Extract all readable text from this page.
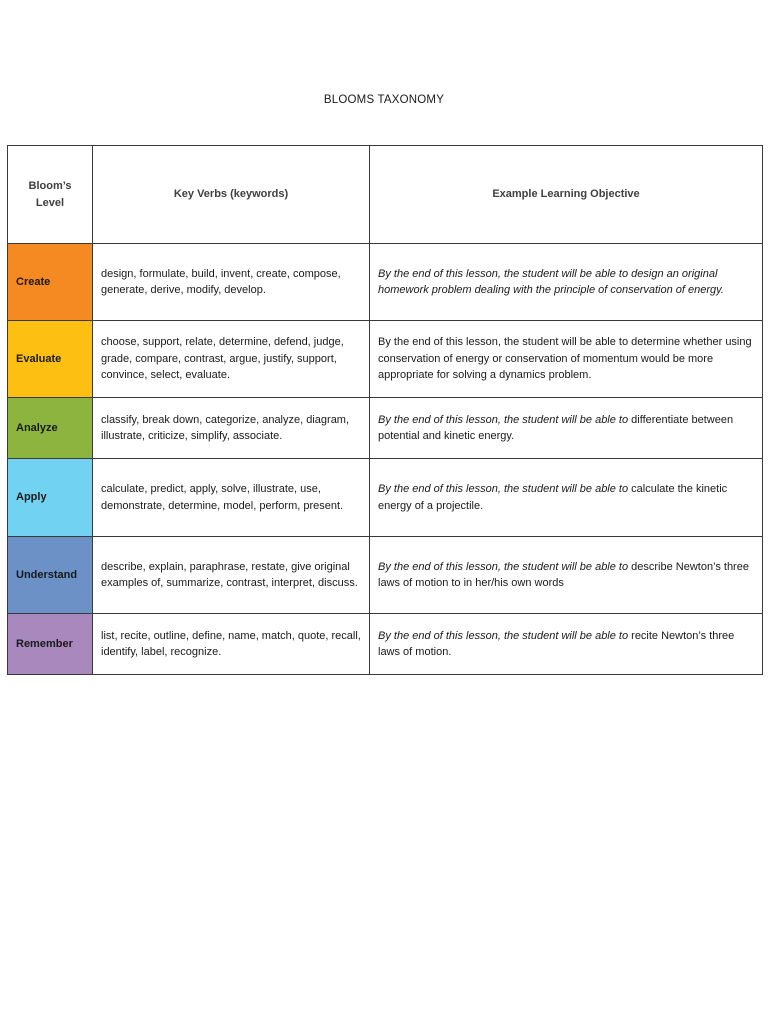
BLOOMS TAXONOMY
Bloom’s Level	Key Verbs (keywords)	Example Learning Objective
Create	design, formulate, build, invent, create, compose, generate, derive, modify, develop.	By the end of this lesson, the student will be able to design an original homework problem dealing with the principle of conservation of energy.
Evaluate	choose, support, relate, determine, defend, judge, grade, compare, contrast, argue, justify, support, convince, select, evaluate.	By the end of this lesson, the student will be able to determine whether using conservation of energy or conservation of momentum would be more appropriate for solving a dynamics problem.
Analyze	classify, break down, categorize, analyze, diagram, illustrate, criticize, simplify, associate.	By the end of this lesson, the student will be able to differentiate between potential and kinetic energy.
Apply	calculate, predict, apply, solve, illustrate, use, demonstrate, determine, model, perform, present.	By the end of this lesson, the student will be able to calculate the kinetic energy of a projectile.
Understand	describe, explain, paraphrase, restate, give original examples of, summarize, contrast, interpret, discuss.	By the end of this lesson, the student will be able to describe Newton’s three laws of motion to in her/his own words
Remember	list, recite, outline, define, name, match, quote, recall, identify, label, recognize.	By the end of this lesson, the student will be able to recite Newton’s three laws of motion.
